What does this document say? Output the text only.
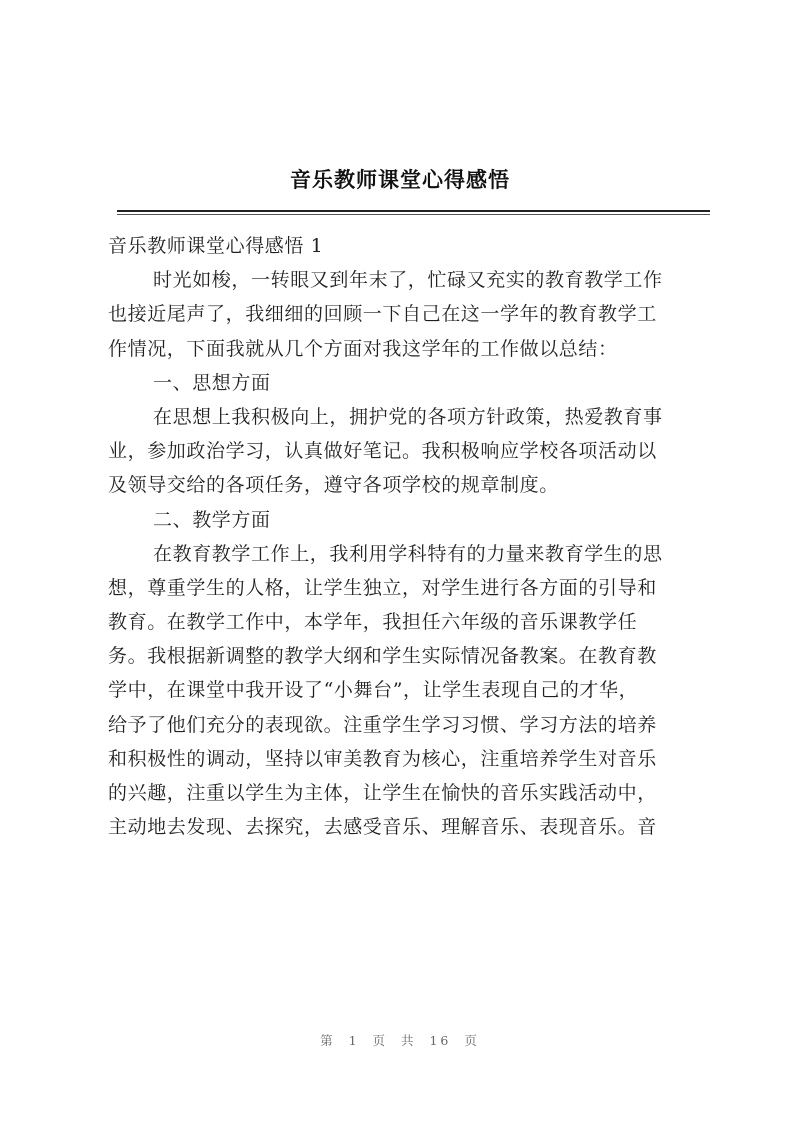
音乐教师课堂心得感悟
音乐教师课堂心得感悟 1
时光如梭，一转眼又到年末了，忙碌又充实的教育教学工作
也接近尾声了，我细细的回顾一下自己在这一学年的教育教学工
作情况，下面我就从几个方面对我这学年的工作做以总结：
一、思想方面
在思想上我积极向上，拥护党的各项方针政策，热爱教育事
业，参加政治学习，认真做好笔记。我积极响应学校各项活动以
及领导交给的各项任务，遵守各项学校的规章制度。
二、教学方面
在教育教学工作上，我利用学科特有的力量来教育学生的思
想，尊重学生的人格，让学生独立，对学生进行各方面的引导和
教育。在教学工作中，本学年，我担任六年级的音乐课教学任
务。我根据新调整的教学大纲和学生实际情况备教案。在教育教
学中，在课堂中我开设了“小舞台”，让学生表现自己的才华，
给予了他们充分的表现欲。注重学生学习习惯、学习方法的培养
和积极性的调动，坚持以审美教育为核心，注重培养学生对音乐
的兴趣，注重以学生为主体，让学生在愉快的音乐实践活动中，
主动地去发现、去探究，去感受音乐、理解音乐、表现音乐。音
第 1 页 共 16 页
